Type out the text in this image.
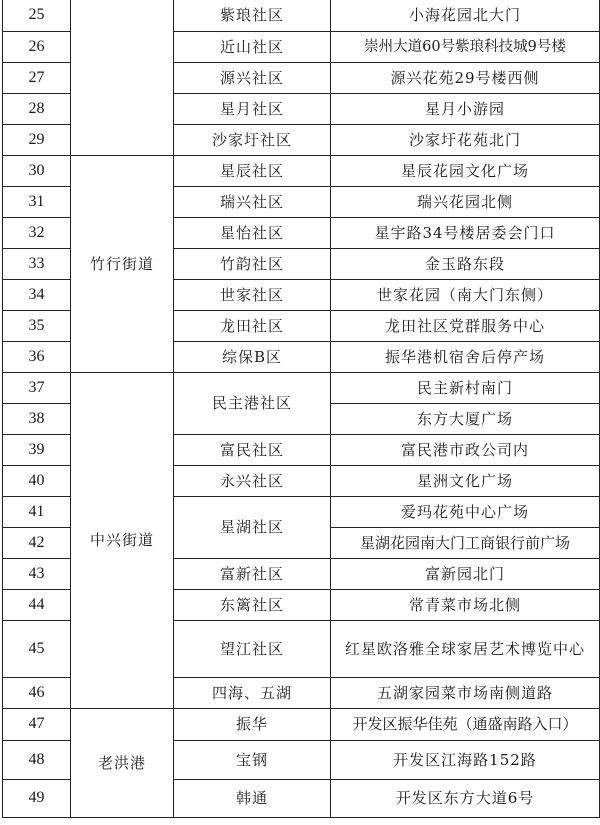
25		紫琅社区	小海花园北大门
26		近山社区	崇州大道60号紫琅科技城9号楼
27		源兴社区	源兴花苑29号楼西侧
28		星月社区	星月小游园
29		沙家圩社区	沙家圩花苑北门
30	竹行街道	星辰社区	星辰花园文化广场
31		瑞兴社区	瑞兴花园北侧
32		星怡社区	星宇路34号楼居委会门口
33		竹韵社区	金玉路东段
34		世家社区	世家花园（南大门东侧）
35		龙田社区	龙田社区党群服务中心
36		综保B区	振华港机宿舍后停产场
37	中兴街道	民主港社区	民主新村南门
38			东方大厦广场
39		富民社区	富民港市政公司内
40		永兴社区	星洲文化广场
41		星湖社区	爱玛花苑中心广场
42			星湖花园南大门工商银行前广场
43		富新社区	富新园北门
44		东篱社区	常青菜市场北侧
45		望江社区	红星欧洛雅全球家居艺术博览中心
46		四海、五湖	五湖家园菜市场南侧道路
47	老洪港	振华	开发区振华佳苑（通盛南路入口）
48		宝钢	开发区江海路152路
49		韩通	开发区东方大道6号
